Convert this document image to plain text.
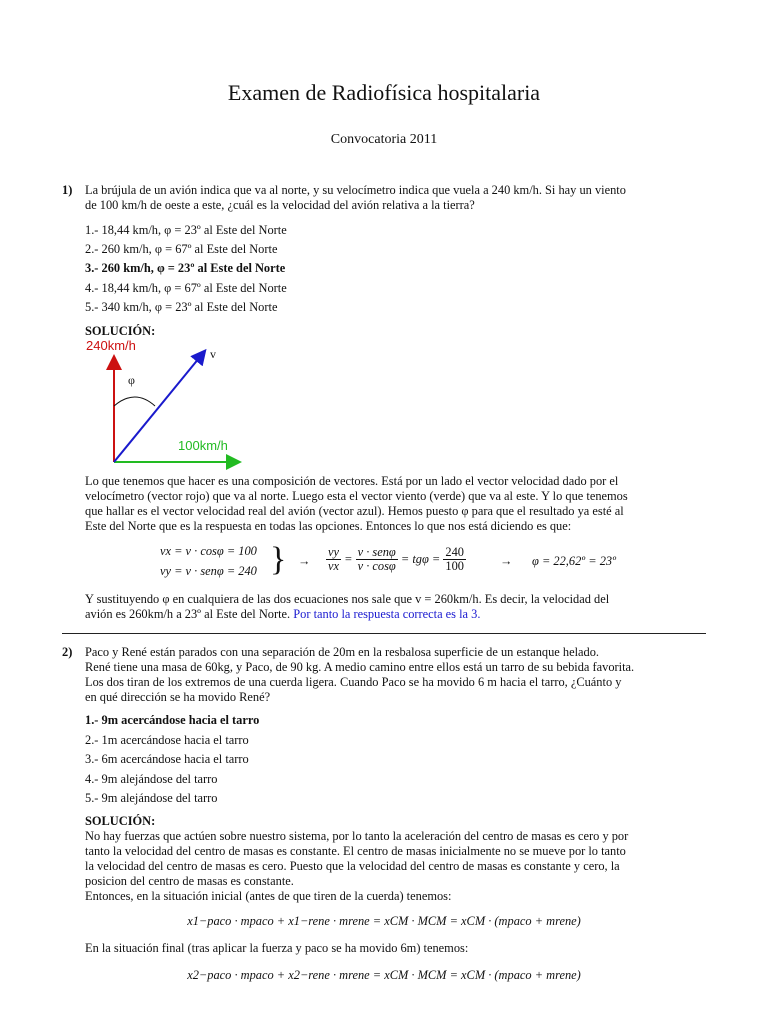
Examen de Radiofísica hospitalaria
Convocatoria 2011
1) La brújula de un avión indica que va al norte, y su velocímetro indica que vuela a 240 km/h. Si hay un viento
de 100 km/h de oeste a este, ¿cuál es la velocidad del avión relativa a la tierra?
1.- 18,44 km/h, φ = 23º al Este del Norte
2.- 260 km/h, φ = 67º al Este del Norte
3.- 260 km/h, φ = 23º al Este del Norte
4.- 18,44 km/h, φ = 67º al Este del Norte
5.- 340 km/h, φ = 23º al Este del Norte
SOLUCIÓN:
240km/h
100km/h
v
φ
Lo que tenemos que hacer es una composición de vectores. Está por un lado el vector velocidad dado por el
velocímetro (vector rojo) que va al norte. Luego esta el vector viento (verde) que va al este. Y lo que tenemos
que hallar es el vector velocidad real del avión (vector azul). Hemos puesto φ para que el resultado ya esté al
Este del Norte que es la respuesta en todas las opciones. Entonces lo que nos está diciendo es que:
vx = v · cosφ = 100
vy = v · senφ = 240 } → $\frac{vy}{vx} = \frac{\text{v · senφ}}{v \cdot \cos\varphi} = tg\varphi = \frac{240}{100}$	→ φ = 22,62º = 23º
Y sustituyendo φ en cualquiera de las dos ecuaciones nos sale que v = 260km/h. Es decir, la velocidad del
avión es 260km/h a 23º al Este del Norte. Por tanto la respuesta correcta es la 3.
2) Paco y René están parados con una separación de 20m en la resbalosa superficie de un estanque helado.
René tiene una masa de 60kg, y Paco, de 90 kg. A medio camino entre ellos está un tarro de su bebida favorita.
Los dos tiran de los extremos de una cuerda ligera. Cuando Paco se ha movido 6 m hacia el tarro, ¿Cuánto y
en qué dirección se ha movido René?
1.- 9m acercándose hacia el tarro
2.- 1m acercándose hacia el tarro
3.- 6m acercándose hacia el tarro
4.- 9m alejándose del tarro
5.- 9m alejándose del tarro
SOLUCIÓN:
No hay fuerzas que actúen sobre nuestro sistema, por lo tanto la aceleración del centro de masas es cero y por
tanto la velocidad del centro de masas es constante. El centro de masas inicialmente no se mueve por lo tanto
la velocidad del centro de masas es cero. Puesto que la velocidad del centro de masas es constante y cero, la
posicion del centro de masas es constante.
Entonces, en la situación inicial (antes de que tiren de la cuerda) tenemos:
x1−paco · mpaco + x1−rene · mrene = xCM · MCM = xCM · (mpaco + mrene)
En la situación final (tras aplicar la fuerza y paco se ha movido 6m) tenemos:
x2−paco · mpaco + x2−rene · mrene = xCM · MCM = xCM · (mpaco + mrene)
